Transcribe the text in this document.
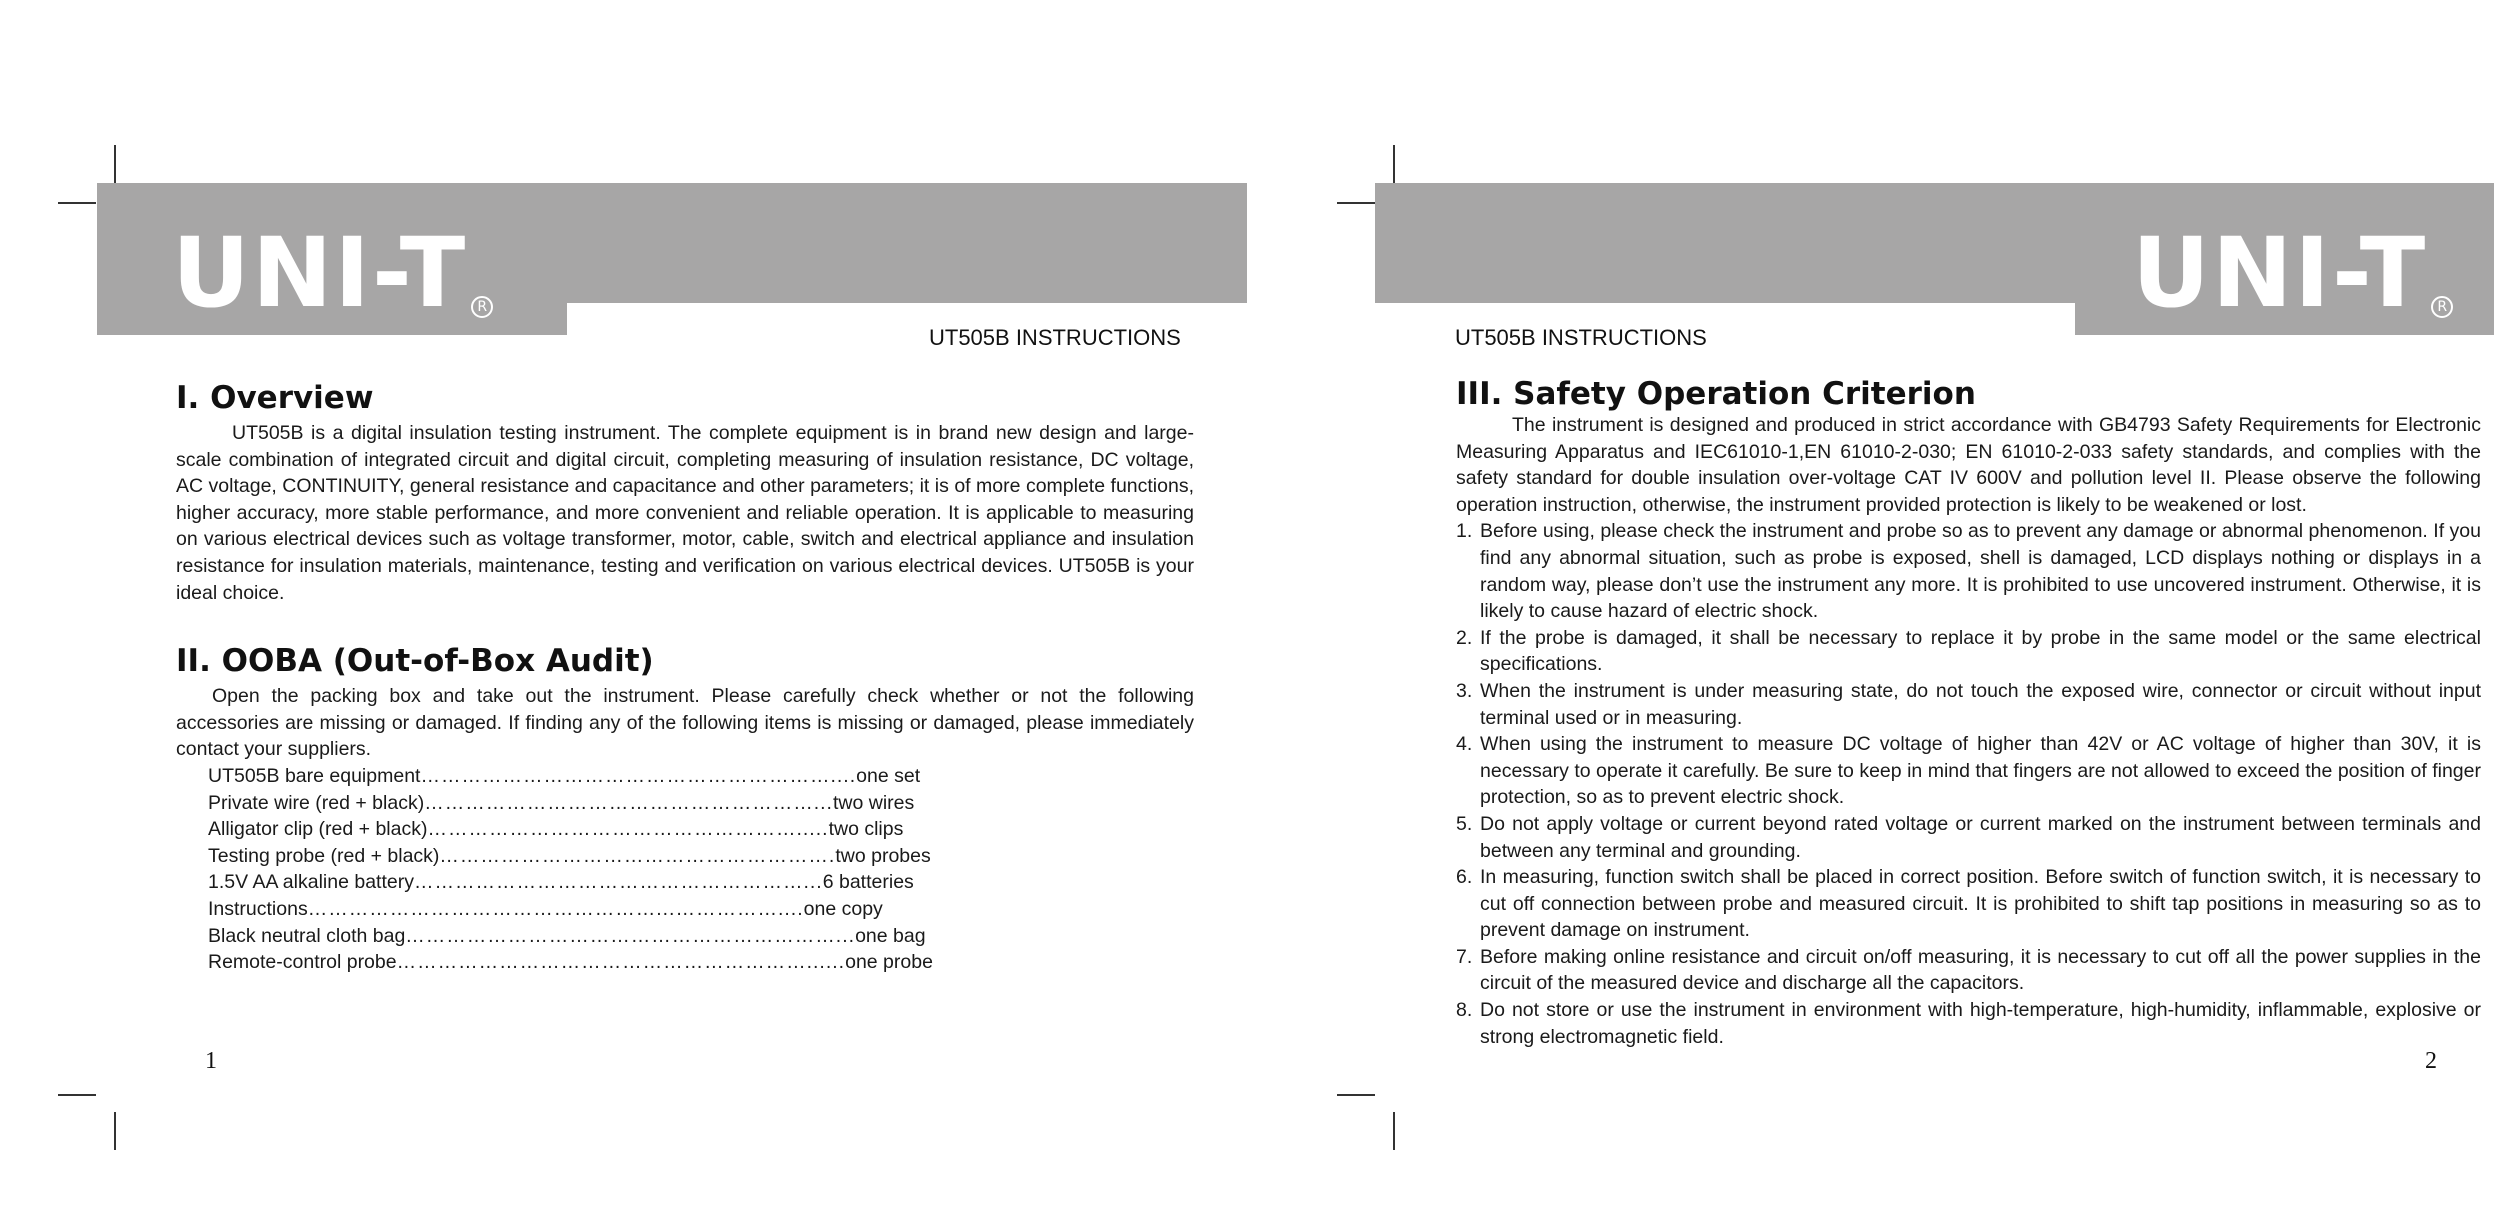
UNI-T R
UT505B INSTRUCTIONS
I. Overview

UT505B is a digital insulation testing instrument. The complete equipment is in brand new design and large-scale combination of integrated circuit and digital circuit, completing measuring of insulation resistance, DC voltage, AC voltage, CONTINUITY, general resistance and capacitance and other parameters; it is of more complete functions, higher accuracy, more stable performance, and more convenient and reliable operation. It is applicable to measuring on various electrical devices such as voltage transformer, motor, cable, switch and electrical appliance and insulation resistance for insulation materials, maintenance, testing and verification on various electrical devices. UT505B is your ideal choice.

II. OOBA (Out-of-Box Audit)

Open the packing box and take out the instrument. Please carefully check whether or not the following accessories are missing or damaged. If finding any of the following items is missing or damaged, please immediately contact your suppliers.

UT505B bare equipment …………………………………………………….... one set
Private wire (red + black) …………………………………………………... two wires
Alligator clip (red + black) ………………………………………………..... two clips
Testing probe (red + black) …………………………………………………. two probes
1.5V AA alkaline battery …………………………………………………... 6 batteries
Instructions ……………………………………………...…………….... one copy
Black neutral cloth bag ………………………………………………………... one bag
Remote-control probe ……………………………………………………...... one probe
1
UNI-T R
UT505B INSTRUCTIONS
III. Safety Operation Criterion

The instrument is designed and produced in strict accordance with GB4793 Safety Requirements for Electronic Measuring Apparatus and IEC61010-1,EN 61010-2-030; EN 61010-2-033 safety standards, and complies with the safety standard for double insulation over-voltage CAT IV 600V and pollution level II. Please observe the following operation instruction, otherwise, the instrument provided protection is likely to be weakened or lost.

1. Before using, please check the instrument and probe so as to prevent any damage or abnormal phenomenon. If you find any abnormal situation, such as probe is exposed, shell is damaged, LCD displays nothing or displays in a random way, please don’t use the instrument any more. It is prohibited to use uncovered instrument. Otherwise, it is likely to cause hazard of electric shock.
2. If the probe is damaged, it shall be necessary to replace it by probe in the same model or the same electrical specifications.
3. When the instrument is under measuring state, do not touch the exposed wire, connector or circuit without input terminal used or in measuring.
4. When using the instrument to measure DC voltage of higher than 42V or AC voltage of higher than 30V, it is necessary to operate it carefully. Be sure to keep in mind that fingers are not allowed to exceed the position of finger protection, so as to prevent electric shock.
5. Do not apply voltage or current beyond rated voltage or current marked on the instrument between terminals and between any terminal and grounding.
6. In measuring, function switch shall be placed in correct position. Before switch of function switch, it is necessary to cut off connection between probe and measured circuit. It is prohibited to shift tap positions in measuring so as to prevent damage on instrument.
7. Before making online resistance and circuit on/off measuring, it is necessary to cut off all the power supplies in the circuit of the measured device and discharge all the capacitors.
8. Do not store or use the instrument in environment with high-temperature, high-humidity, inflammable, explosive or strong electromagnetic field.
2
